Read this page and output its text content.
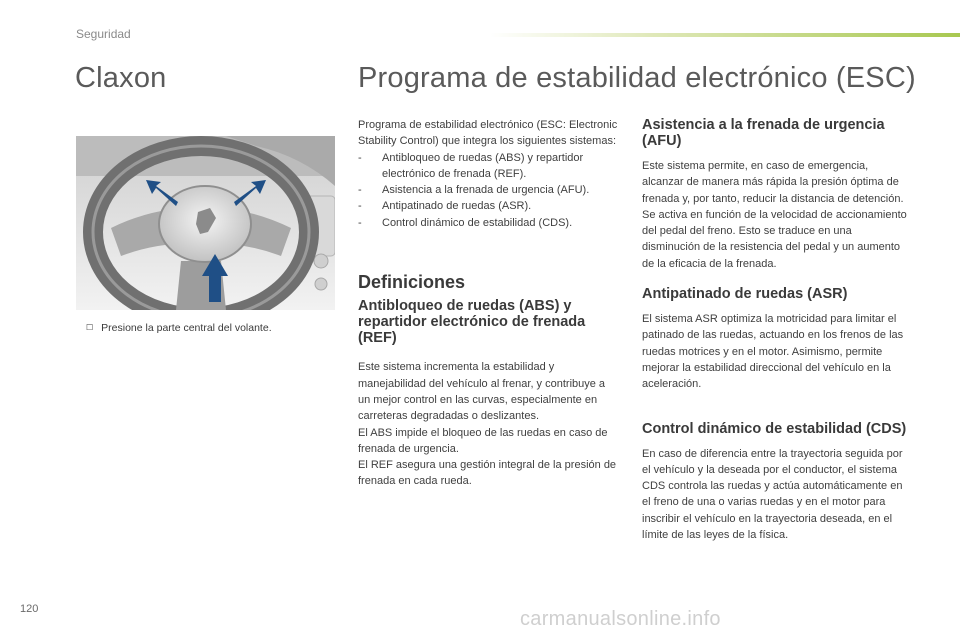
Seguridad
Claxon	Programa de estabilidad electrónico (ESC)
☐ Presione la parte central del volante.

Programa de estabilidad electrónico (ESC: Electronic Stability Control) que integra los siguientes sistemas:

- Antibloqueo de ruedas (ABS) y repartidor electrónico de frenada (REF).
- Asistencia a la frenada de urgencia (AFU).
- Antipatinado de ruedas (ASR).
- Control dinámico de estabilidad (CDS).
Definiciones
Antibloqueo de ruedas (ABS) y repartidor electrónico de frenada (REF)

Este sistema incrementa la estabilidad y manejabilidad del vehículo al frenar, y contribuye a un mejor control en las curvas, especialmente en carreteras degradadas o deslizantes.

El ABS impide el bloqueo de las ruedas en caso de frenada de urgencia.

El REF asegura una gestión integral de la presión de frenada en cada rueda.

Asistencia a la frenada de urgencia (AFU)

Este sistema permite, en caso de emergencia, alcanzar de manera más rápida la presión óptima de frenada y, por tanto, reducir la distancia de detención.

Se activa en función de la velocidad de accionamiento del pedal del freno. Esto se traduce en una disminución de la resistencia del pedal y un aumento de la eficacia de la frenada.

Antipatinado de ruedas (ASR)

El sistema ASR optimiza la motricidad para limitar el patinado de las ruedas, actuando en los frenos de las ruedas motrices y en el motor. Asimismo, permite mejorar la estabilidad direccional del vehículo en la aceleración.

Control dinámico de estabilidad (CDS)

En caso de diferencia entre la trayectoria seguida por el vehículo y la deseada por el conductor, el sistema CDS controla las ruedas y actúa automáticamente en el freno de una o varias ruedas y en el motor para inscribir el vehículo en la trayectoria deseada, en el límite de las leyes de la física.

120	carmanualsonline.info
